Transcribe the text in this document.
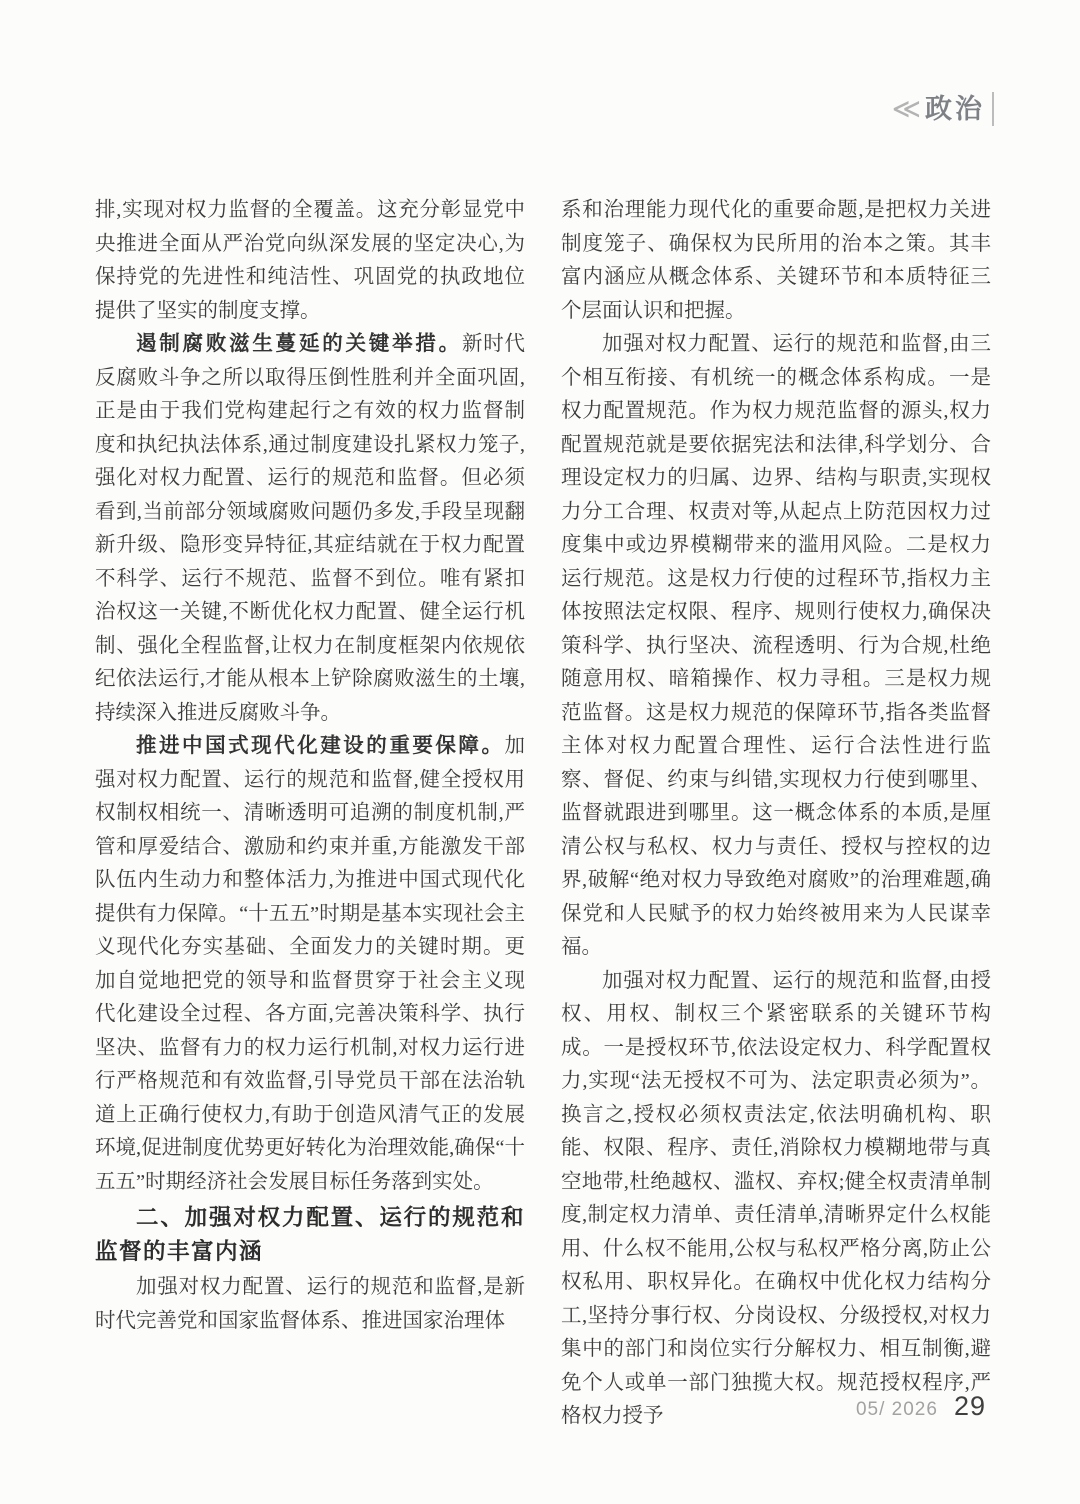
≪ 政治

排,实现对权力监督的全覆盖。这充分彰显党中央推进全面从严治党向纵深发展的坚定决心,为保持党的先进性和纯洁性、巩固党的执政地位提供了坚实的制度支撑。

遏制腐败滋生蔓延的关键举措。新时代反腐败斗争之所以取得压倒性胜利并全面巩固,正是由于我们党构建起行之有效的权力监督制度和执纪执法体系,通过制度建设扎紧权力笼子,强化对权力配置、运行的规范和监督。但必须看到,当前部分领域腐败问题仍多发,手段呈现翻新升级、隐形变异特征,其症结就在于权力配置不科学、运行不规范、监督不到位。唯有紧扣治权这一关键,不断优化权力配置、健全运行机制、强化全程监督,让权力在制度框架内依规依纪依法运行,才能从根本上铲除腐败滋生的土壤,持续深入推进反腐败斗争。

推进中国式现代化建设的重要保障。加强对权力配置、运行的规范和监督,健全授权用权制权相统一、清晰透明可追溯的制度机制,严管和厚爱结合、激励和约束并重,方能激发干部队伍内生动力和整体活力,为推进中国式现代化提供有力保障。“十五五”时期是基本实现社会主义现代化夯实基础、全面发力的关键时期。更加自觉地把党的领导和监督贯穿于社会主义现代化建设全过程、各方面,完善决策科学、执行坚决、监督有力的权力运行机制,对权力运行进行严格规范和有效监督,引导党员干部在法治轨道上正确行使权力,有助于创造风清气正的发展环境,促进制度优势更好转化为治理效能,确保“十五五”时期经济社会发展目标任务落到实处。

二、加强对权力配置、运行的规范和监督的丰富内涵

加强对权力配置、运行的规范和监督,是新时代完善党和国家监督体系、推进国家治理体

系和治理能力现代化的重要命题,是把权力关进制度笼子、确保权为民所用的治本之策。其丰富内涵应从概念体系、关键环节和本质特征三个层面认识和把握。

加强对权力配置、运行的规范和监督,由三个相互衔接、有机统一的概念体系构成。一是权力配置规范。作为权力规范监督的源头,权力配置规范就是要依据宪法和法律,科学划分、合理设定权力的归属、边界、结构与职责,实现权力分工合理、权责对等,从起点上防范因权力过度集中或边界模糊带来的滥用风险。二是权力运行规范。这是权力行使的过程环节,指权力主体按照法定权限、程序、规则行使权力,确保决策科学、执行坚决、流程透明、行为合规,杜绝随意用权、暗箱操作、权力寻租。三是权力规范监督。这是权力规范的保障环节,指各类监督主体对权力配置合理性、运行合法性进行监察、督促、约束与纠错,实现权力行使到哪里、监督就跟进到哪里。这一概念体系的本质,是厘清公权与私权、权力与责任、授权与控权的边界,破解“绝对权力导致绝对腐败”的治理难题,确保党和人民赋予的权力始终被用来为人民谋幸福。

加强对权力配置、运行的规范和监督,由授权、用权、制权三个紧密联系的关键环节构成。一是授权环节,依法设定权力、科学配置权力,实现“法无授权不可为、法定职责必须为”。换言之,授权必须权责法定,依法明确机构、职能、权限、程序、责任,消除权力模糊地带与真空地带,杜绝越权、滥权、弃权;健全权责清单制度,制定权力清单、责任清单,清晰界定什么权能用、什么权不能用,公权与私权严格分离,防止公权私用、职权异化。在确权中优化权力结构分工,坚持分事行权、分岗设权、分级授权,对权力集中的部门和岗位实行分解权力、相互制衡,避免个人或单一部门独揽大权。规范授权程序,严格权力授予	05/ 2026 29
